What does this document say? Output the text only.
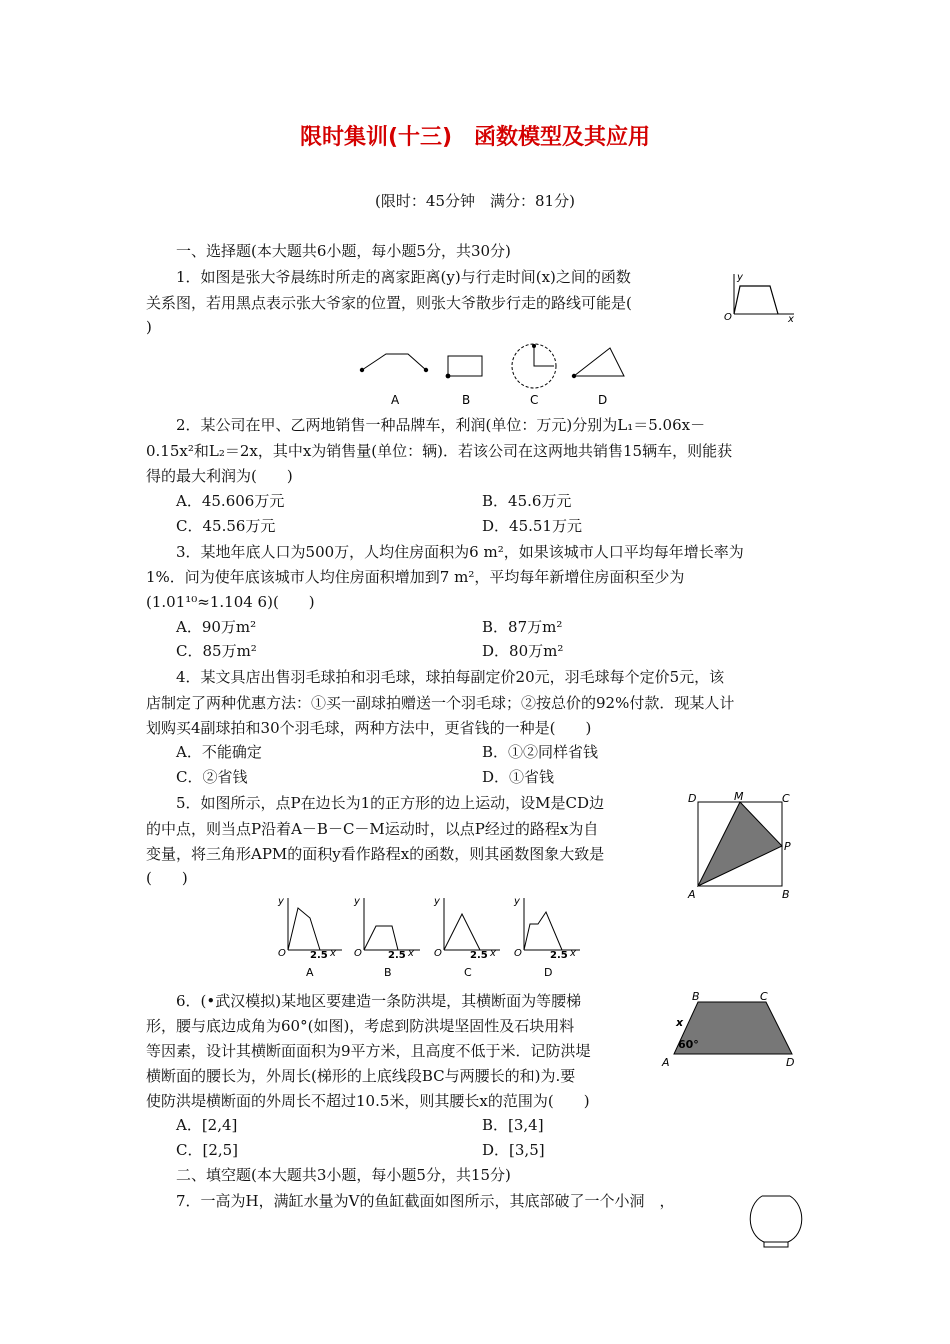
限时集训(十三)　函数模型及其应用
(限时：45分钟　满分：81分)
一、选择题(本大题共6小题，每小题5分，共30分)
1．如图是张大爷晨练时所走的离家距离(y)与行走时间(x)之间的函数
关系图，若用黑点表示张大爷家的位置，则张大爷散步行走的路线可能是(
)
y
x
O
A	B	C	D
2．某公司在甲、乙两地销售一种品牌车，利润(单位：万元)分别为L₁＝5.06x－
0.15x²和L₂＝2x，其中x为销售量(单位：辆)．若该公司在这两地共销售15辆车，则能获
得的最大利润为(　　)
A．45.606万元	B．45.6万元
C．45.56万元	D．45.51万元
3．某地年底人口为500万，人均住房面积为6 m²，如果该城市人口平均每年增长率为
1%．问为使年底该城市人均住房面积增加到7 m²，平均每年新增住房面积至少为
(1.01¹⁰≈1.104 6)(　　)
A．90万m²	B．87万m²
C．85万m²	D．80万m²
4．某文具店出售羽毛球拍和羽毛球，球拍每副定价20元，羽毛球每个定价5元，该
店制定了两种优惠方法：①买一副球拍赠送一个羽毛球；②按总价的92%付款．现某人计
划购买4副球拍和30个羽毛球，两种方法中，更省钱的一种是(　　)
A．不能确定	B．①②同样省钱
C．②省钱	D．①省钱
5．如图所示，点P在边长为1的正方形的边上运动，设M是CD边
的中点，则当点P沿着A－B－C－M运动时，以点P经过的路程x为自
变量，将三角形APM的面积y看作路程x的函数，则其函数图象大致是
(　　)
D	M	C
P
A	B
y
O 2.5 x
A
y
O	2.5 x
B
y
O	2.5 x
C
y
O	2.5 x
D
6．(•武汉模拟)某地区要建造一条防洪堤，其横断面为等腰梯
形，腰与底边成角为60°(如图)，考虑到防洪堤坚固性及石块用料
等因素，设计其横断面面积为9平方米，且高度不低于米．记防洪堤
横断面的腰长为，外周长(梯形的上底线段BC与两腰长的和)为.要
使防洪堤横断面的外周长不超过10.5米，则其腰长x的范围为(　　)
A．[2,4]	B．[3,4]
C．[2,5]	D．[3,5]
B	C
x
60°
A	D
二、填空题(本大题共3小题，每小题5分，共15分)
7．一高为H，满缸水量为V的鱼缸截面如图所示，其底部破了一个小洞　，
